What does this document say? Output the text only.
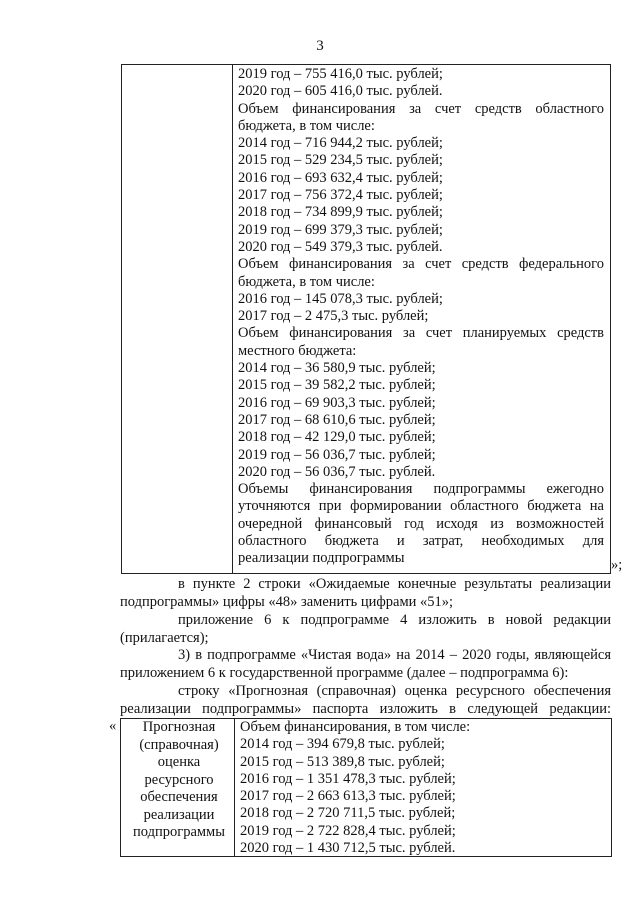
3
2019 год – 755 416,0 тыс. рублей;
2020 год – 605 416,0 тыс. рублей.
Объем финансирования за счет средств областного
бюджета, в том числе:
2014 год – 716 944,2 тыс. рублей;
2015 год – 529 234,5 тыс. рублей;
2016 год – 693 632,4 тыс. рублей;
2017 год – 756 372,4 тыс. рублей;
2018 год – 734 899,9 тыс. рублей;
2019 год – 699 379,3 тыс. рублей;
2020 год – 549 379,3 тыс. рублей.
Объем финансирования за счет средств федерального
бюджета, в том числе:
2016 год – 145 078,3 тыс. рублей;
2017 год – 2 475,3 тыс. рублей;
Объем финансирования за счет планируемых средств
местного бюджета:
2014 год – 36 580,9 тыс. рублей;
2015 год – 39 582,2 тыс. рублей;
2016 год – 69 903,3 тыс. рублей;
2017 год – 68 610,6 тыс. рублей;
2018 год – 42 129,0 тыс. рублей;
2019 год – 56 036,7 тыс. рублей;
2020 год – 56 036,7 тыс. рублей.
Объемы финансирования подпрограммы ежегодно
уточняются при формировании областного бюджета на
очередной финансовый год исходя из возможностей
областного бюджета и затрат, необходимых для
реализации подпрограммы	»;
в пункте 2 строки «Ожидаемые конечные результаты реализации
подпрограммы» цифры «48» заменить цифрами «51»;
приложение 6 к подпрограмме 4 изложить в новой редакции
(прилагается);
3) в подпрограмме «Чистая вода» на 2014 – 2020 годы, являющейся
приложением 6 к государственной программе (далее – подпрограмма 6):
строку «Прогнозная (справочная) оценка ресурсного обеспечения
реализации подпрограммы» паспорта изложить в следующей редакции:
«	Прогнозная
(справочная)
оценка
ресурсного
обеспечения
реализации
подпрограммы
Объем финансирования, в том числе:
2014 год – 394 679,8 тыс. рублей;
2015 год – 513 389,8 тыс. рублей;
2016 год – 1 351 478,3 тыс. рублей;
2017 год – 2 663 613,3 тыс. рублей;
2018 год – 2 720 711,5 тыс. рублей;
2019 год – 2 722 828,4 тыс. рублей;
2020 год – 1 430 712,5 тыс. рублей.
